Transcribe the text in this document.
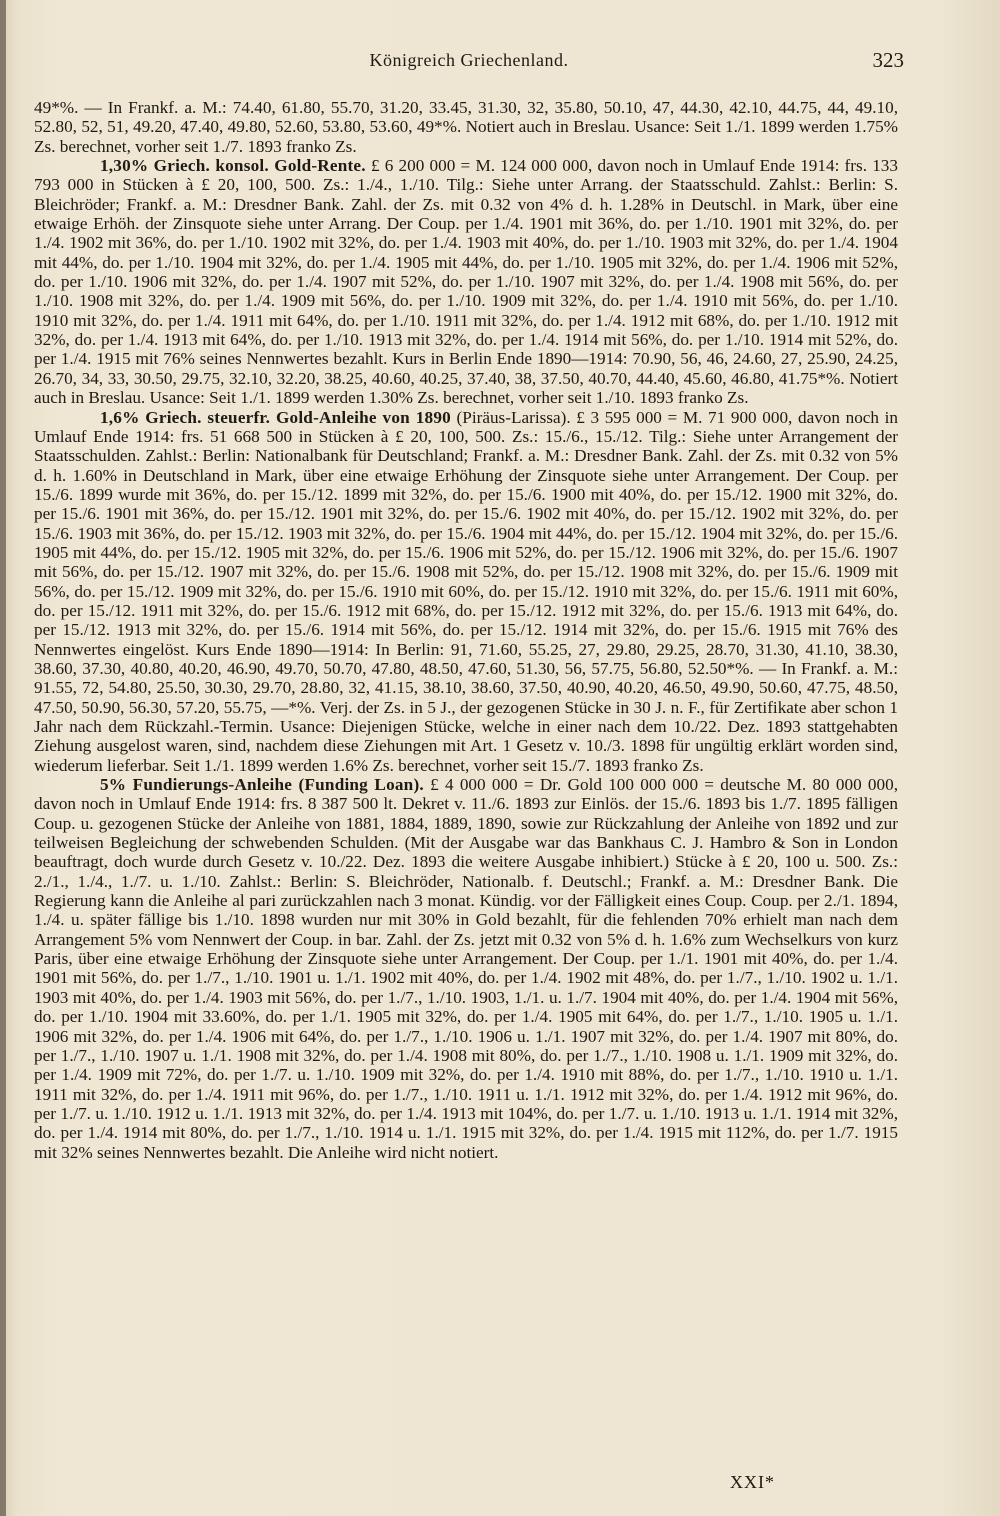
Königreich Griechenland.	323

49*%. — In Frankf. a. M.: 74.40, 61.80, 55.70, 31.20, 33.45, 31.30, 32, 35.80, 50.10, 47, 44.30, 42.10, 44.75, 44, 49.10, 52.80, 52, 51, 49.20, 47.40, 49.80, 52.60, 53.80, 53.60, 49*%. Notiert auch in Breslau. Usance: Seit 1./1. 1899 werden 1.75% Zs. berechnet, vorher seit 1./7. 1893 franko Zs.

1,30% Griech. konsol. Gold-Rente. £ 6 200 000 = M. 124 000 000, davon noch in Umlauf Ende 1914: frs. 133 793 000 in Stücken à £ 20, 100, 500. Zs.: 1./4., 1./10. Tilg.: Siehe unter Arrang. der Staatsschuld. Zahlst.: Berlin: S. Bleichröder; Frankf. a. M.: Dresdner Bank. Zahl. der Zs. mit 0.32 von 4% d. h. 1.28% in Deutschl. in Mark, über eine etwaige Erhöh. der Zinsquote siehe unter Arrang. Der Coup. per 1./4. 1901 mit 36%, do. per 1./10. 1901 mit 32%, do. per 1./4. 1902 mit 36%, do. per 1./10. 1902 mit 32%, do. per 1./4. 1903 mit 40%, do. per 1./10. 1903 mit 32%, do. per 1./4. 1904 mit 44%, do. per 1./10. 1904 mit 32%, do. per 1./4. 1905 mit 44%, do. per 1./10. 1905 mit 32%, do. per 1./4. 1906 mit 52%, do. per 1./10. 1906 mit 32%, do. per 1./4. 1907 mit 52%, do. per 1./10. 1907 mit 32%, do. per 1./4. 1908 mit 56%, do. per 1./10. 1908 mit 32%, do. per 1./4. 1909 mit 56%, do. per 1./10. 1909 mit 32%, do. per 1./4. 1910 mit 56%, do. per 1./10. 1910 mit 32%, do. per 1./4. 1911 mit 64%, do. per 1./10. 1911 mit 32%, do. per 1./4. 1912 mit 68%, do. per 1./10. 1912 mit 32%, do. per 1./4. 1913 mit 64%, do. per 1./10. 1913 mit 32%, do. per 1./4. 1914 mit 56%, do. per 1./10. 1914 mit 52%, do. per 1./4. 1915 mit 76% seines Nennwertes bezahlt. Kurs in Berlin Ende 1890—1914: 70.90, 56, 46, 24.60, 27, 25.90, 24.25, 26.70, 34, 33, 30.50, 29.75, 32.10, 32.20, 38.25, 40.60, 40.25, 37.40, 38, 37.50, 40.70, 44.40, 45.60, 46.80, 41.75*%. Notiert auch in Breslau. Usance: Seit 1./1. 1899 werden 1.30% Zs. berechnet, vorher seit 1./10. 1893 franko Zs.

1,6% Griech. steuerfr. Gold-Anleihe von 1890 (Piräus-Larissa). £ 3 595 000 = M. 71 900 000, davon noch in Umlauf Ende 1914: frs. 51 668 500 in Stücken à £ 20, 100, 500. Zs.: 15./6., 15./12. Tilg.: Siehe unter Arrangement der Staatsschulden. Zahlst.: Berlin: Nationalbank für Deutschland; Frankf. a. M.: Dresdner Bank. Zahl. der Zs. mit 0.32 von 5% d. h. 1.60% in Deutschland in Mark, über eine etwaige Erhöhung der Zinsquote siehe unter Arrangement. Der Coup. per 15./6. 1899 wurde mit 36%, do. per 15./12. 1899 mit 32%, do. per 15./6. 1900 mit 40%, do. per 15./12. 1900 mit 32%, do. per 15./6. 1901 mit 36%, do. per 15./12. 1901 mit 32%, do. per 15./6. 1902 mit 40%, do. per 15./12. 1902 mit 32%, do. per 15./6. 1903 mit 36%, do. per 15./12. 1903 mit 32%, do. per 15./6. 1904 mit 44%, do. per 15./12. 1904 mit 32%, do. per 15./6. 1905 mit 44%, do. per 15./12. 1905 mit 32%, do. per 15./6. 1906 mit 52%, do. per 15./12. 1906 mit 32%, do. per 15./6. 1907 mit 56%, do. per 15./12. 1907 mit 32%, do. per 15./6. 1908 mit 52%, do. per 15./12. 1908 mit 32%, do. per 15./6. 1909 mit 56%, do. per 15./12. 1909 mit 32%, do. per 15./6. 1910 mit 60%, do. per 15./12. 1910 mit 32%, do. per 15./6. 1911 mit 60%, do. per 15./12. 1911 mit 32%, do. per 15./6. 1912 mit 68%, do. per 15./12. 1912 mit 32%, do. per 15./6. 1913 mit 64%, do. per 15./12. 1913 mit 32%, do. per 15./6. 1914 mit 56%, do. per 15./12. 1914 mit 32%, do. per 15./6. 1915 mit 76% des Nennwertes eingelöst. Kurs Ende 1890—1914: In Berlin: 91, 71.60, 55.25, 27, 29.80, 29.25, 28.70, 31.30, 41.10, 38.30, 38.60, 37.30, 40.80, 40.20, 46.90, 49.70, 50.70, 47.80, 48.50, 47.60, 51.30, 56, 57.75, 56.80, 52.50*%. — In Frankf. a. M.: 91.55, 72, 54.80, 25.50, 30.30, 29.70, 28.80, 32, 41.15, 38.10, 38.60, 37.50, 40.90, 40.20, 46.50, 49.90, 50.60, 47.75, 48.50, 47.50, 50.90, 56.30, 57.20, 55.75, —*%. Verj. der Zs. in 5 J., der gezogenen Stücke in 30 J. n. F., für Zertifikate aber schon 1 Jahr nach dem Rückzahl.-Termin. Usance: Diejenigen Stücke, welche in einer nach dem 10./22. Dez. 1893 stattgehabten Ziehung ausgelost waren, sind, nachdem diese Ziehungen mit Art. 1 Gesetz v. 10./3. 1898 für ungültig erklärt worden sind, wiederum lieferbar. Seit 1./1. 1899 werden 1.6% Zs. berechnet, vorher seit 15./7. 1893 franko Zs.

5% Fundierungs-Anleihe (Funding Loan). £ 4 000 000 = Dr. Gold 100 000 000 = deutsche M. 80 000 000, davon noch in Umlauf Ende 1914: frs. 8 387 500 lt. Dekret v. 11./6. 1893 zur Einlös. der 15./6. 1893 bis 1./7. 1895 fälligen Coup. u. gezogenen Stücke der Anleihe von 1881, 1884, 1889, 1890, sowie zur Rückzahlung der Anleihe von 1892 und zur teilweisen Begleichung der schwebenden Schulden. (Mit der Ausgabe war das Bankhaus C. J. Hambro & Son in London beauftragt, doch wurde durch Gesetz v. 10./22. Dez. 1893 die weitere Ausgabe inhibiert.) Stücke à £ 20, 100 u. 500. Zs.: 2./1., 1./4., 1./7. u. 1./10. Zahlst.: Berlin: S. Bleichröder, Nationalb. f. Deutschl.; Frankf. a. M.: Dresdner Bank. Die Regierung kann die Anleihe al pari zurückzahlen nach 3 monat. Kündig. vor der Fälligkeit eines Coup. Coup. per 2./1. 1894, 1./4. u. später fällige bis 1./10. 1898 wurden nur mit 30% in Gold bezahlt, für die fehlenden 70% erhielt man nach dem Arrangement 5% vom Nennwert der Coup. in bar. Zahl. der Zs. jetzt mit 0.32 von 5% d. h. 1.6% zum Wechselkurs von kurz Paris, über eine etwaige Erhöhung der Zinsquote siehe unter Arrangement. Der Coup. per 1./1. 1901 mit 40%, do. per 1./4. 1901 mit 56%, do. per 1./7., 1./10. 1901 u. 1./1. 1902 mit 40%, do. per 1./4. 1902 mit 48%, do. per 1./7., 1./10. 1902 u. 1./1. 1903 mit 40%, do. per 1./4. 1903 mit 56%, do. per 1./7., 1./10. 1903, 1./1. u. 1./7. 1904 mit 40%, do. per 1./4. 1904 mit 56%, do. per 1./10. 1904 mit 33.60%, do. per 1./1. 1905 mit 32%, do. per 1./4. 1905 mit 64%, do. per 1./7., 1./10. 1905 u. 1./1. 1906 mit 32%, do. per 1./4. 1906 mit 64%, do. per 1./7., 1./10. 1906 u. 1./1. 1907 mit 32%, do. per 1./4. 1907 mit 80%, do. per 1./7., 1./10. 1907 u. 1./1. 1908 mit 32%, do. per 1./4. 1908 mit 80%, do. per 1./7., 1./10. 1908 u. 1./1. 1909 mit 32%, do. per 1./4. 1909 mit 72%, do. per 1./7. u. 1./10. 1909 mit 32%, do. per 1./4. 1910 mit 88%, do. per 1./7., 1./10. 1910 u. 1./1. 1911 mit 32%, do. per 1./4. 1911 mit 96%, do. per 1./7., 1./10. 1911 u. 1./1. 1912 mit 32%, do. per 1./4. 1912 mit 96%, do. per 1./7. u. 1./10. 1912 u. 1./1. 1913 mit 32%, do. per 1./4. 1913 mit 104%, do. per 1./7. u. 1./10. 1913 u. 1./1. 1914 mit 32%, do. per 1./4. 1914 mit 80%, do. per 1./7., 1./10. 1914 u. 1./1. 1915 mit 32%, do. per 1./4. 1915 mit 112%, do. per 1./7. 1915 mit 32% seines Nennwertes bezahlt. Die Anleihe wird nicht notiert.

XXI*
